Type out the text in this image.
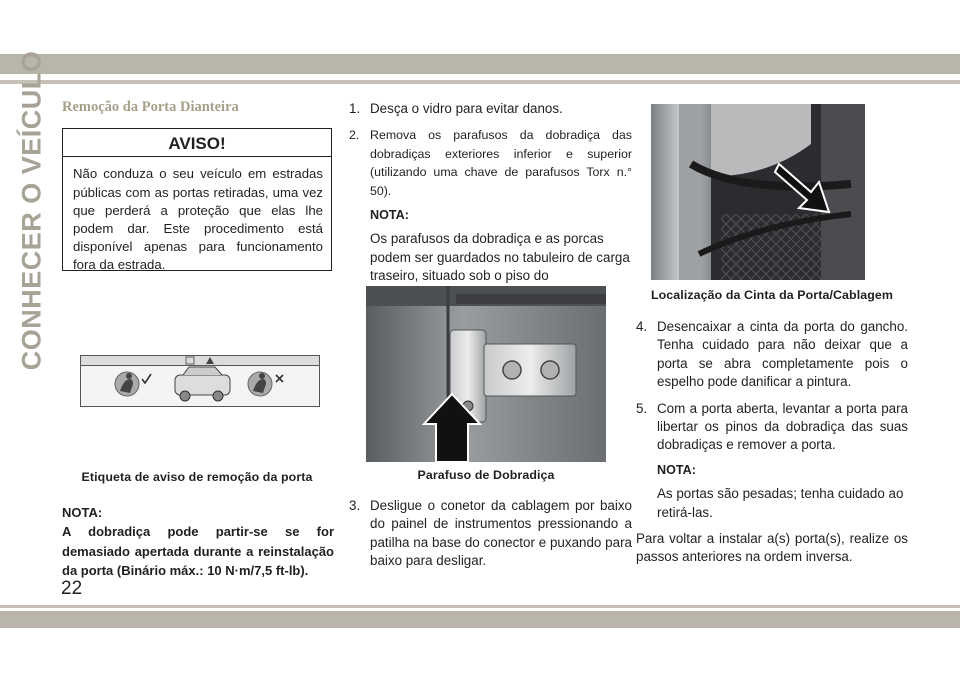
CONHECER O VEÍCULO
22
Remoção da Porta Dianteira
AVISO!
Não conduza o seu veículo em estradas públicas com as portas retiradas, uma vez que perderá a proteção que elas lhe podem dar. Este procedimento está disponível apenas para funcionamento fora da estrada.
Etiqueta de aviso de remoção da porta
NOTA:
A dobradiça pode partir-se se for demasiado apertada durante a reinstalação da porta (Binário máx.: 10 N·m/7,5 ft-lb).
1. Desça o vidro para evitar danos.
2. Remova os parafusos da dobradiça das dobradiças exteriores inferior e superior (utilizando uma chave de parafusos Torx n.° 50).
NOTA:
Os parafusos da dobradiça e as porcas podem ser guardados no tabuleiro de carga traseiro, situado sob o piso do
Parafuso de Dobradiça
3. Desligue o conetor da cablagem por baixo do painel de instrumentos pressionando a patilha na base do conector e puxando para baixo para desligar.
Localização da Cinta da Porta/Cablagem
4. Desencaixar a cinta da porta do gancho. Tenha cuidado para não deixar que a porta se abra completamente pois o espelho pode danificar a pintura.
5. Com a porta aberta, levantar a porta para libertar os pinos da dobradiça das suas dobradiças e remover a porta.
NOTA:
As portas são pesadas; tenha cuidado ao retirá-las.
Para voltar a instalar a(s) porta(s), realize os passos anteriores na ordem inversa.
